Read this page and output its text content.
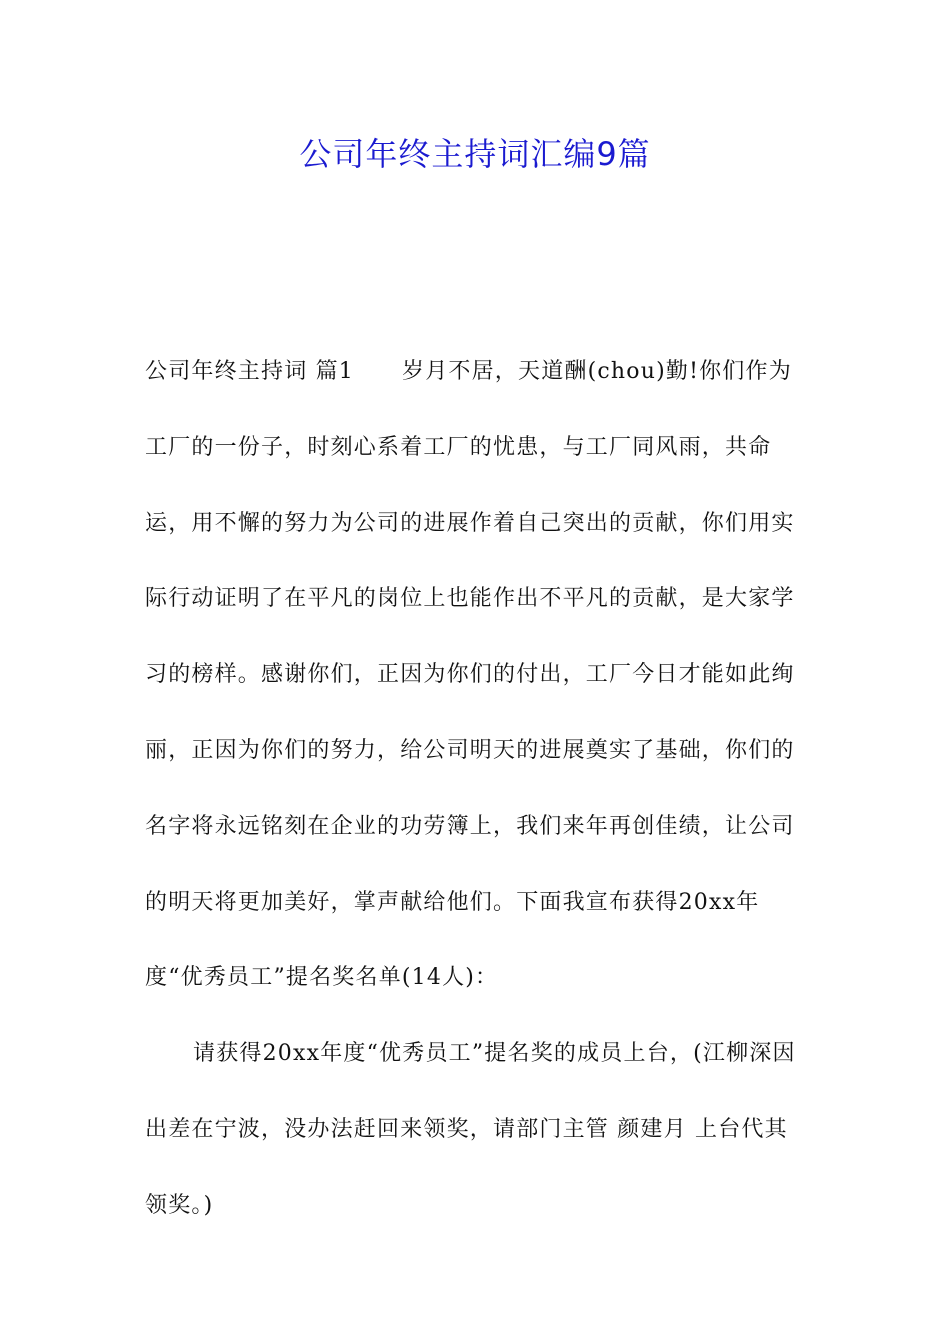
公司年终主持词汇编9篇

公司年终主持词 篇1 岁月不居，天道酬(chou)勤!你们作为工厂的一份子，时刻心系着工厂的忧患，与工厂同风雨，共命运，用不懈的努力为公司的进展作着自己突出的贡献，你们用实际行动证明了在平凡的岗位上也能作出不平凡的贡献，是大家学习的榜样。感谢你们，正因为你们的付出，工厂今日才能如此绚丽，正因为你们的努力，给公司明天的进展奠实了基础，你们的名字将永远铭刻在企业的功劳簿上，我们来年再创佳绩，让公司的明天将更加美好，掌声献给他们。下面我宣布获得20xx年度“优秀员工”提名奖名单(14人)：

请获得20xx年度“优秀员工”提名奖的成员上台，(江柳深因出差在宁波，没办法赶回来领奖，请部门主管 颜建月 上台代其领奖。)
